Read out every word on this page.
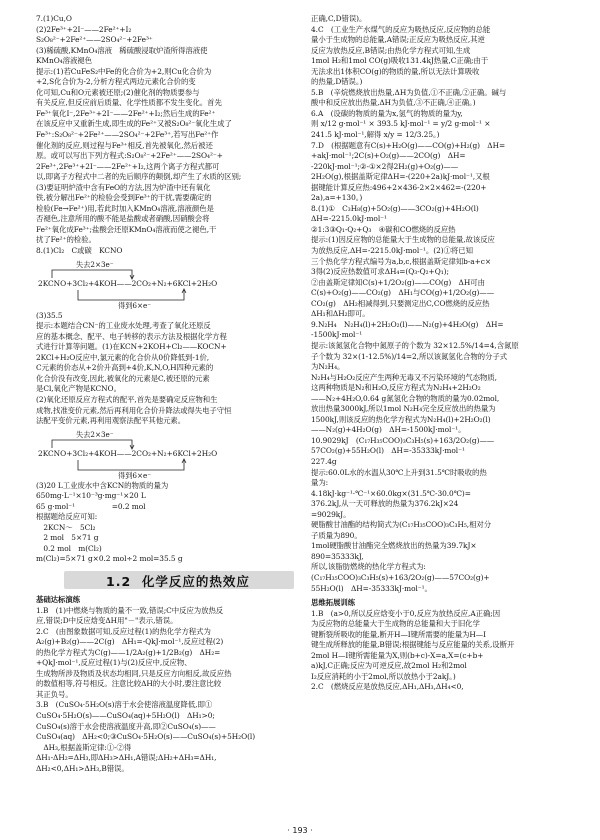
7.(1)Cu,O
(2)2Fe³⁺+2I⁻——2Fe²⁺+I₂
S₂O₈²⁻+2Fe²⁺——2SO₄²⁻+2Fe³⁺
(3)稀硫酸,KMnO₄溶液　稀硫酸浸取炉渣所得溶液使
KMnO₄溶液褪色
提示:(1)若CuFeS₂中Fe的化合价为+2,则Cu化合价为
+2,S化合价为-2,分析方程式两边元素化合价的变
化可知,Cu和O元素被还原;(2)催化剂的物质要参与
有关反应,但反应前后质量、化学性质都不发生变化。首先
Fe³⁺氧化I⁻,2Fe³⁺+2I⁻——2Fe²⁺+I₂;然后生成的Fe²⁺
在该反应中又重新生成,即生成的Fe²⁺又被S₂O₈²⁻氧化生成了
Fe³⁺:S₂O₈²⁻+2Fe²⁺——2SO₄²⁻+2Fe³⁺,若写出Fe²⁺作
催化剂的反应,则过程与Fe³⁺相反,首先被氧化,然后被还
原。或可以写出下列方程式:S₂O₈²⁻+2Fe²⁺——2SO₄²⁻+
2Fe³⁺,2Fe³⁺+2I⁻——2Fe²⁺+I₂,这两个离子方程式都可
以,即离子方程式中二者的先后顺序的颠倒,却产生了水质的区别;
(3)要证明炉渣中含有FeO的方法,因为炉渣中还有氧化
铁,被分解出Fe²⁺的检验会受到Fe³⁺的干扰,需要确定的
检验(Fe→Fe²⁺)用,若此时加入KMnO₄溶液,溶液颜色是
否褪色,注意所用的酸不能是盐酸或者硝酸,因硝酸会将
Fe²⁺氧化成Fe³⁺;盐酸会还原KMnO₄溶液而使之褪色,干
扰了Fe²⁺的检验。
8.(1)Cl₂　C或碳　KCNO
失去2×3e⁻
2KCNO+3Cl₂+4KOH——2CO₂+N₂+6KCl+2H₂O
得到6×e⁻
(3)35.5
提示:本题结合CN⁻的工业废水处理,考查了氧化还原反
应的基本概念、配平、电子转移的表示方法及根据化学方程
式进行计算等问题。(1)在KCN+2KOH+Cl₂——KOCN+
2KCl+H₂O反应中,氯元素的化合价从0价降低到-1价,
C元素的价态从+2价升高到+4价,K,N,O,H四种元素的
化合价没有改变,因此,被氧化的元素是C,被还原的元素
是Cl,氧化产物是KCNO。
(2)氧化还原反应方程式的配平,首先是要确定反应物和生
成物,找准变价元素,然后再利用化合价升降法或得失电子守恒
法配平变价元素,再利用观察法配平其他元素。
失去2×3e⁻
2KCNO+3Cl₂+4KOH——2CO₂+N₂+6KCl+2H₂O
得到6×e⁻
(3)20 L工业废水中含KCN的物质的量为
650mg·L⁻¹×10⁻³g·mg⁻¹×20 L
65 g·mol⁻¹　　　　　=0.2 mol
根据题给反应可知:
　2KCN～　5Cl₂
　2 mol　5×71 g
　0.2 mol　m(Cl₂)
m(Cl₂)=5×71 g×0.2 mol÷2 mol=35.5 g
1.2 化学反应的热效应
基础达标演练
1.B　(1)中燃烧与物质的量不一致,错误;C中反应为放热反
应,错误;D中反应焓变ΔH用"－"表示,错误。
2.C　(由图象数据可知,反应过程(1)的热化学方程式为
A₂(g)+B₂(g)——2C(g)　ΔH₁=-QkJ·mol⁻¹,反应过程(2)
的热化学方程式为C(g)——1/2A₂(g)+1/2B₂(g)　ΔH₂=
+QkJ·mol⁻¹,反应过程(1)与(2)反应中,反应物、
生成物所涉及物质及状态均相同,只是反应方向相反,故反应热
的数值相等,符号相反。注意比较ΔH的大小时,要注意比较
其正负号。
3.B　(CuSO₄·5H₂O(s)溶于水会使溶液温度降低,即①
CuSO₄·5H₂O(s)——CuSO₄(aq)+5H₂O(l)　ΔH₁>0;
CuSO₄(s)溶于水会使溶液温度升高,即②CuSO₄(s)——
CuSO₄(aq)　ΔH₂<0;③CuSO₄·5H₂O(s)——CuSO₄(s)+5H₂O(l)
　ΔH₃,根据盖斯定律:①-②得
ΔH₁-ΔH₂=ΔH₃,即ΔH₃>ΔH₁,A错误;ΔH₂+ΔH₃=ΔH₁,
ΔH₂<0,ΔH₁>ΔH₃,B错误。
正确,C,D错误)。
4.C　(工业生产水煤气的反应为吸热反应,反应物的总能
量小于生成物的总能量,A错误;正反应为吸热反应,其逆
反应为放热反应,B错误;由热化学方程式可知,生成
1mol H₂和1mol CO(g)吸收131.4kJ热量,C正确;由于
无法求出1体积CO(g)的物质的量,所以无法计算吸收
的热量,D错误。)
5.B　(辛烷燃烧放出热量,ΔH为负值,①不正确,②正确。碱与
酸中和反应放出热量,ΔH为负值,③不正确,④正确。)
6.A　(设碳的物质的量为x,氢气的物质的量为y,
则 x/12 g·mol⁻¹ × 393.5 kJ·mol⁻¹ = y/2 g·mol⁻¹ ×
241.5 kJ·mol⁻¹,解得 x/y = 12/3.25。)
7.D　(根据题意有C(s)+H₂O(g)——CO(g)+H₂(g)　ΔH=
+akJ·mol⁻¹;2C(s)+O₂(g)——2CO(g)　ΔH=
-220kJ·mol⁻¹;②-①×2得2H₂(g)+O₂(g)——
2H₂O(g),根据盖斯定律ΔH=-(220+2a)kJ·mol⁻¹,又根
据键能计算反应热:496+2×436-2×2×462=-(220+
2a),a=+130。)
8.(1)①　C₃H₈(g)+5O₂(g)——3CO₂(g)+4H₂O(l)
ΔH=-2215.0kJ·mol⁻¹
②1:3③Q₁-Q₂+Q₃　④碳和CO燃烧的反应热
提示:(1)因反应物的总能量大于生成物的总能量,故该反应
为放热反应,ΔH=-2215.0kJ·mol⁻¹。(2)①将已知
三个热化学方程式编号为a,b,c,根据盖斯定律知b-a+c×
3得(2)反应热数值可求ΔH₄=(Q₃-Q₂+Q₁);
②由盖斯定律知C(s)+1/2O₂(g)——CO(g)　ΔH可由
C(s)+O₂(g)——CO₂(g)　ΔH₁与CO(g)+1/2O₂(g)——
CO₂(g)　ΔH₂相减得到,只要测定出C,CO燃烧的反应热
ΔH₁和ΔH₂即可。
9.N₂H₄　N₂H₄(l)+2H₂O₂(l)——N₂(g)+4H₂O(g)　ΔH=
-1500kJ·mol⁻¹
提示:该氮氢化合物中氮原子的个数为 32×12.5%/14=4,含氮原
子个数为 32×(1-12.5%)/14=2,所以该氮氢化合物的分子式
为N₂H₄。
N₂H₄与H₂O₂反应产生两种无毒又不污染环境的气态物质,
这两种物质是N₂和H₂O,反应方程式为N₂H₄+2H₂O₂
——N₂+4H₂O,0.64 g氮氢化合物的物质的量为0.02mol,
放出热量3000kJ,所以1mol N₂H₄完全反应放出的热量为
1500kJ,则该反应的热化学方程式为N₂H₄(l)+2H₂O₂(l)
——N₂(g)+4H₂O(g)　ΔH=-1500kJ·mol⁻¹。
10.9029kJ　(C₁₇H₃₅COO)₃C₃H₅(s)+163/2O₂(g)——
57CO₂(g)+55H₂O(l)　ΔH=-35333kJ·mol⁻¹
227.4g
提示:60.0L水的水温从30℃上升到31.5℃时吸收的热
量为:
4.18kJ·kg⁻¹·℃⁻¹×60.0kg×(31.5℃-30.0℃)=
376.2kJ,从一天可释放的热量为376.2kJ×24
=9029kJ。
硬脂酸甘油酯的结构简式为(C₁₇H₃₅COO)₃C₃H₅,相对分
子质量为890。
1mol硬脂酸甘油酯完全燃烧放出的热量为39.7kJ×
890=35333kJ,
所以,该脂肪燃烧的热化学方程式为:
(C₁₇H₃₅COO)₃C₃H₅(s)+163/2O₂(g)——57CO₂(g)+
55H₂O(l)　ΔH=-35333kJ·mol⁻¹。
思维拓展训练
1.B　(a>0,所以反应焓变小于0,反应为放热反应,A正确;因
为反应物的总能量大于生成物的总能量和大于旧化学
键断裂所吸收的能量,断开H—I键所需要的能量为H—I
键生成所释放的能量,B错误;根据键能与反应能量的关系,设断开
2mol H—I键所需能量为X,则(b+c)-X=a,X=(c+b+
a)kJ,C正确;反应为可逆反应,故2mol H₂和2mol
I₂反应消耗的小于2mol,所以放热小于2akJ。)
2.C　(燃烧反应是放热反应,ΔH₁,ΔH₃,ΔH₄<0,
· 193 ·
